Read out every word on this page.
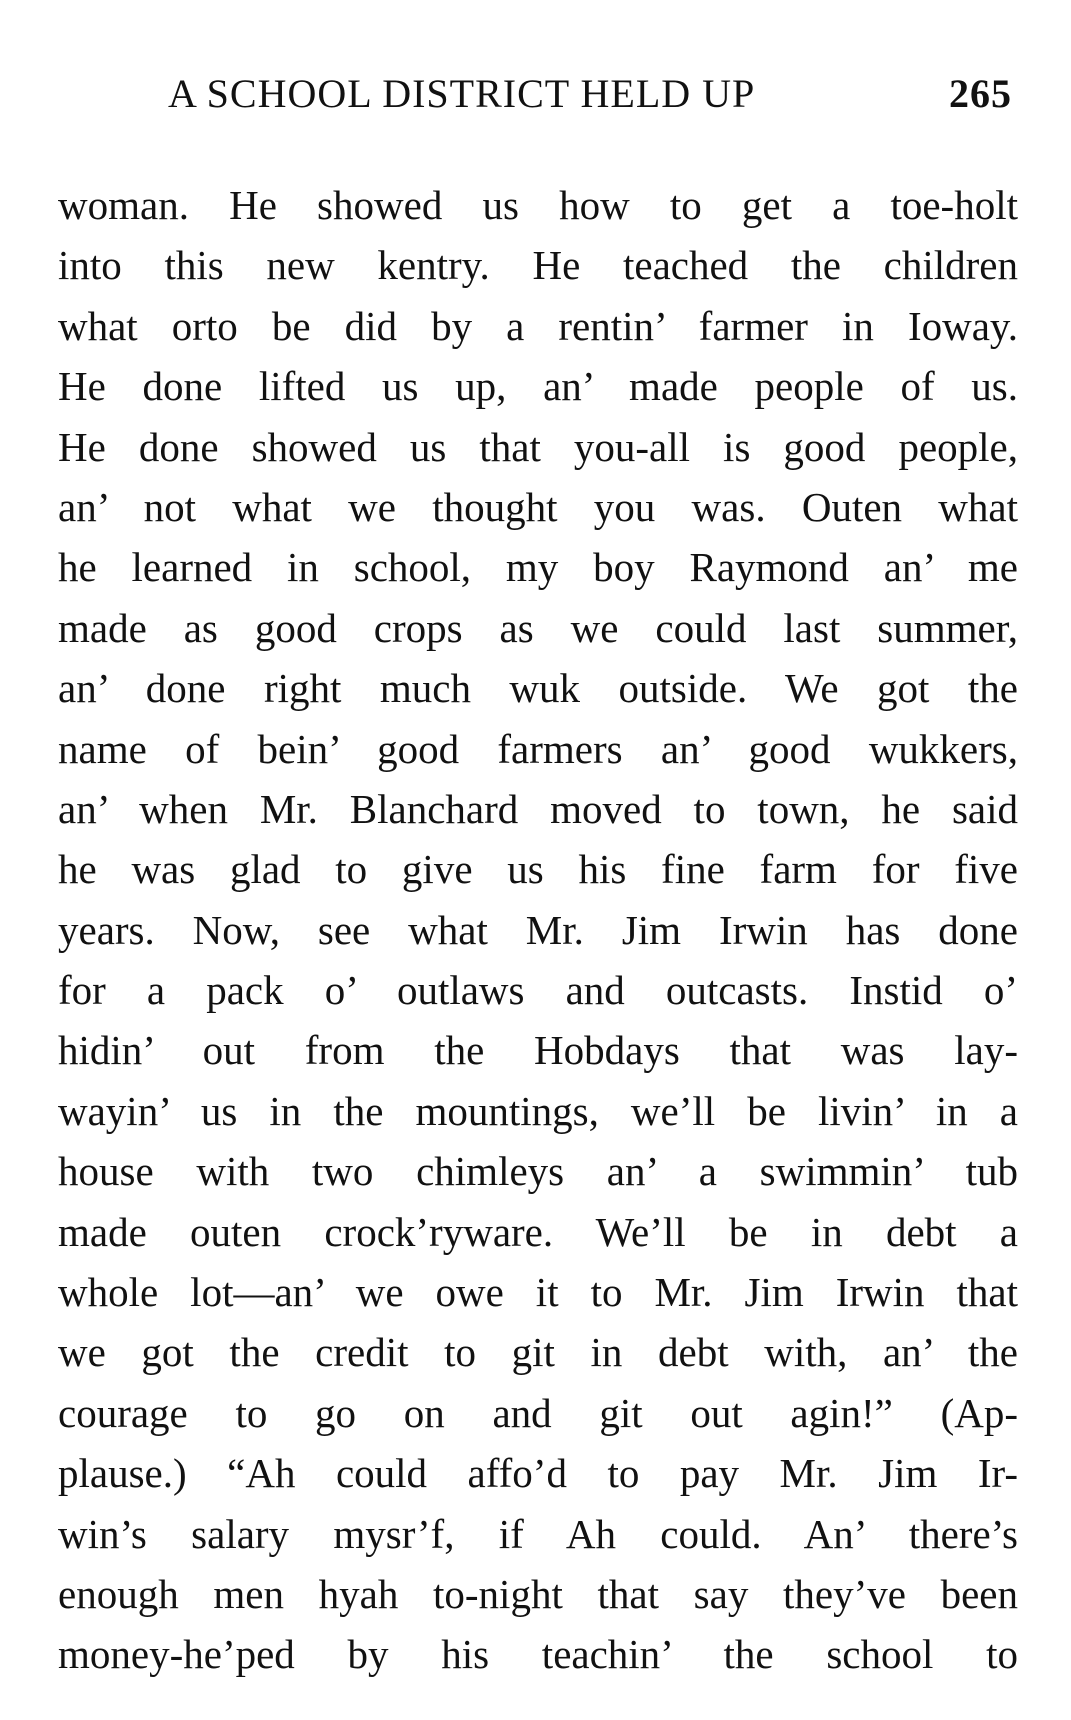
A SCHOOL DISTRICT HELD UP	265
woman. He showed us how to get a toe-holt
into this new kentry. He teached the children
what orto be did by a rentin’ farmer in Ioway.
He done lifted us up, an’ made people of us.
He done showed us that you-all is good people,
an’ not what we thought you was. Outen what
he learned in school, my boy Raymond an’ me
made as good crops as we could last summer,
an’ done right much wuk outside. We got the
name of bein’ good farmers an’ good wukkers,
an’ when Mr. Blanchard moved to town, he said
he was glad to give us his fine farm for five
years. Now, see what Mr. Jim Irwin has done
for a pack o’ outlaws and outcasts. Instid o’
hidin’ out from the Hobdays that was lay-
wayin’ us in the mountings, we’ll be livin’ in a
house with two chimleys an’ a swimmin’ tub
made outen crock’ryware. We’ll be in debt a
whole lot—an’ we owe it to Mr. Jim Irwin that
we got the credit to git in debt with, an’ the
courage to go on and git out agin!” (Ap-
plause.) “Ah could affo’d to pay Mr. Jim Ir-
win’s salary mysr’f, if Ah could. An’ there’s
enough men hyah to-night that say they’ve been
money-he’ped by his teachin’ the school to
